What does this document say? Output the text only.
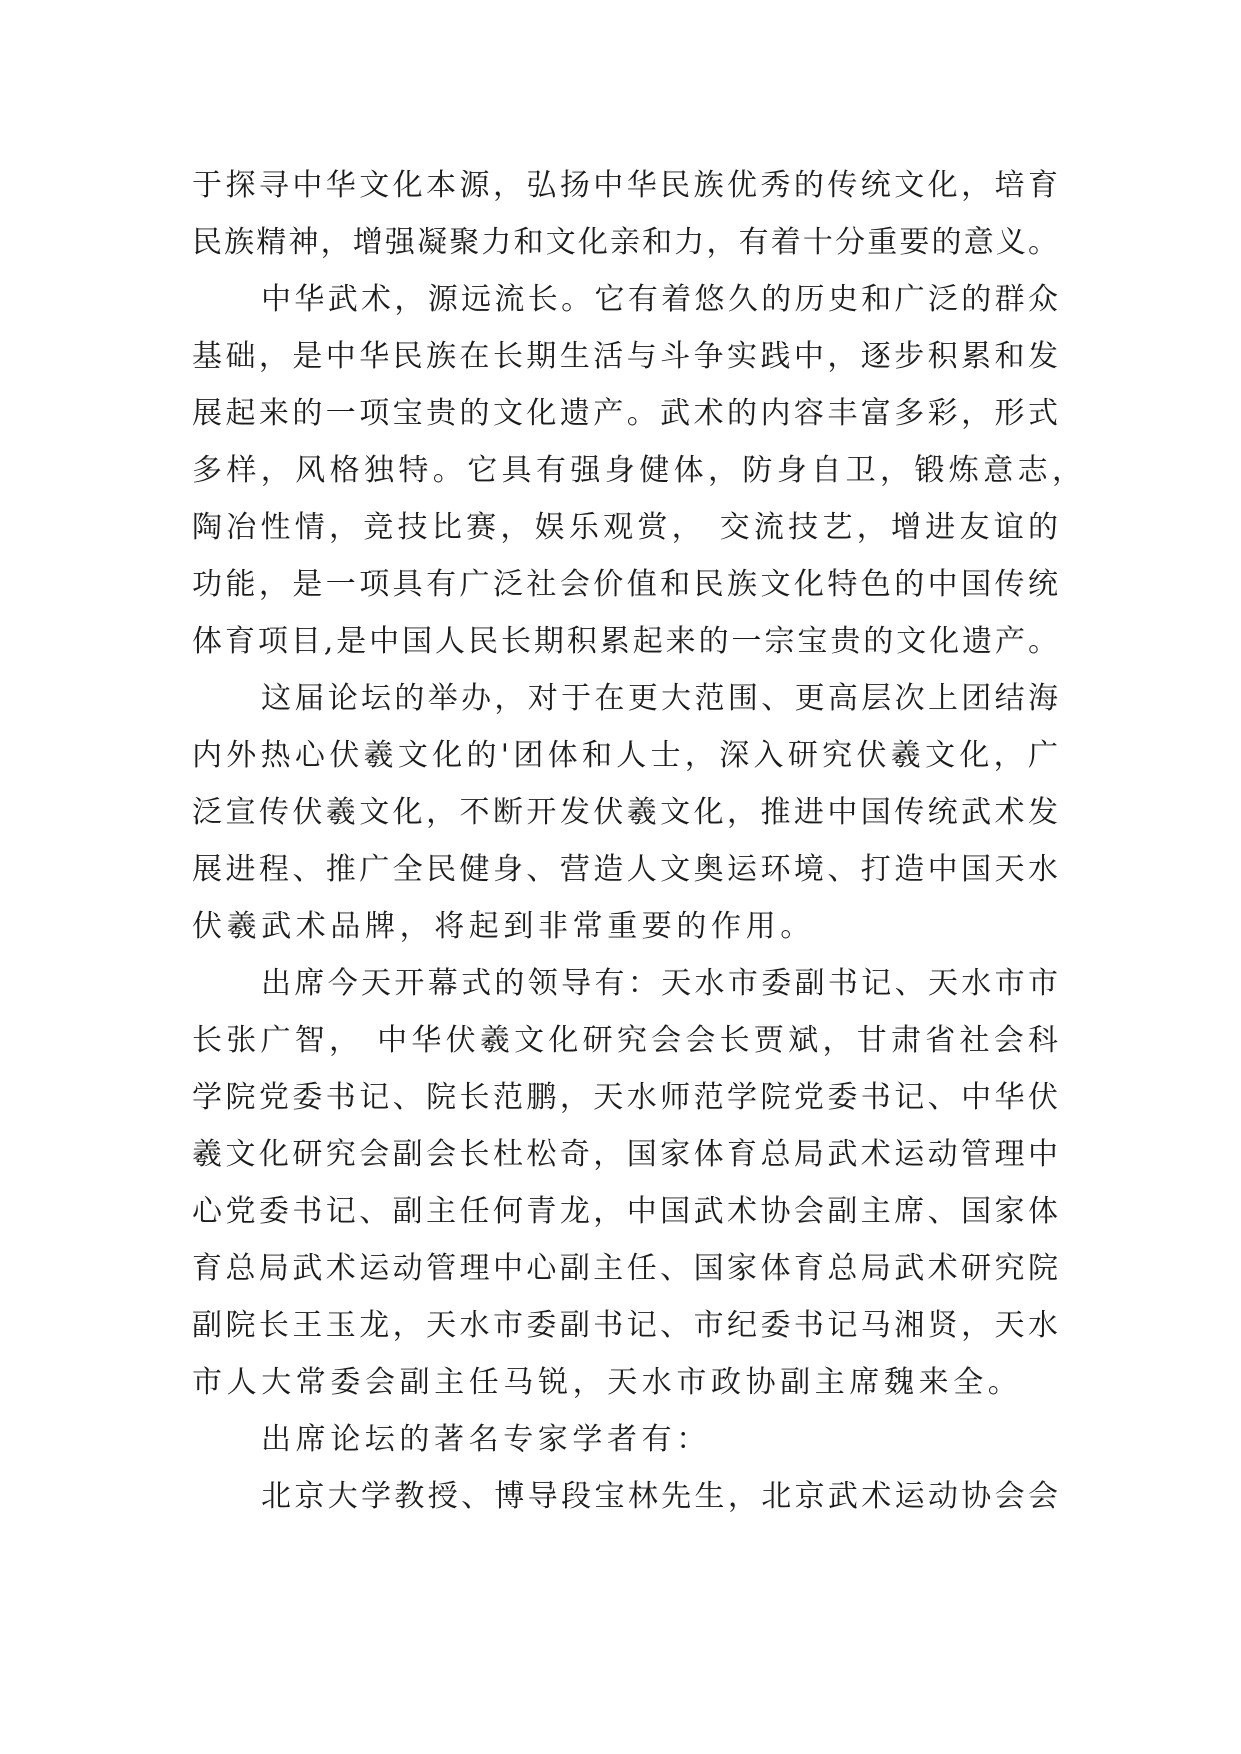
于探寻中华文化本源，弘扬中华民族优秀的传统文化，培育
民族精神，增强凝聚力和文化亲和力，有着十分重要的意义。
中华武术，源远流长。它有着悠久的历史和广泛的群众
基础，是中华民族在长期生活与斗争实践中，逐步积累和发
展起来的一项宝贵的文化遗产。武术的内容丰富多彩，形式
多样，风格独特。它具有强身健体，防身自卫，锻炼意志，
陶冶性情，竞技比赛，娱乐观赏， 交流技艺，增进友谊的
功能，是一项具有广泛社会价值和民族文化特色的中国传统
体育项目,是中国人民长期积累起来的一宗宝贵的文化遗产。
这届论坛的举办，对于在更大范围、更高层次上团结海
内外热心伏羲文化的'团体和人士，深入研究伏羲文化，广
泛宣传伏羲文化，不断开发伏羲文化，推进中国传统武术发
展进程、推广全民健身、营造人文奥运环境、打造中国天水
伏羲武术品牌，将起到非常重要的作用。
出席今天开幕式的领导有：天水市委副书记、天水市市
长张广智， 中华伏羲文化研究会会长贾斌，甘肃省社会科
学院党委书记、院长范鹏，天水师范学院党委书记、中华伏
羲文化研究会副会长杜松奇，国家体育总局武术运动管理中
心党委书记、副主任何青龙，中国武术协会副主席、国家体
育总局武术运动管理中心副主任、国家体育总局武术研究院
副院长王玉龙，天水市委副书记、市纪委书记马湘贤，天水
市人大常委会副主任马锐，天水市政协副主席魏来全。
出席论坛的著名专家学者有：
北京大学教授、博导段宝林先生，北京武术运动协会会
